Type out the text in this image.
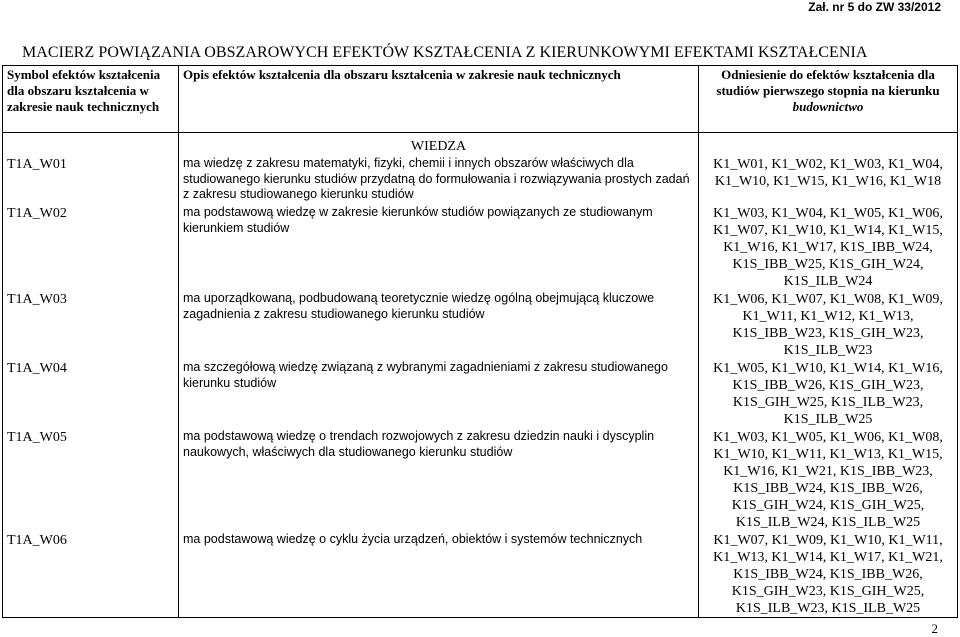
Zał. nr 5 do ZW 33/2012
MACIERZ POWIĄZANIA OBSZAROWYCH EFEKTÓW KSZTAŁCENIA Z KIERUNKOWYMI EFEKTAMI KSZTAŁCENIA
Symbol efektów kształcenia dla obszaru kształcenia w zakresie nauk technicznych	Opis efektów kształcenia dla obszaru kształcenia w zakresie nauk technicznych	Odniesienie do efektów kształcenia dla studiów pierwszego stopnia na kierunku budownictwo
	WIEDZA	
T1A_W01	ma wiedzę z zakresu matematyki, fizyki, chemii i innych obszarów właściwych dla studiowanego kierunku studiów przydatną do formułowania i rozwiązywania prostych zadań z zakresu studiowanego kierunku studiów	K1_W01, K1_W02, K1_W03, K1_W04, K1_W10, K1_W15, K1_W16, K1_W18
T1A_W02	ma podstawową wiedzę w zakresie kierunków studiów powiązanych ze studiowanym kierunkiem studiów	K1_W03, K1_W04, K1_W05, K1_W06, K1_W07, K1_W10, K1_W14, K1_W15, K1_W16, K1_W17, K1S_IBB_W24, K1S_IBB_W25, K1S_GIH_W24, K1S_ILB_W24
T1A_W03	ma uporządkowaną, podbudowaną teoretycznie wiedzę ogólną obejmującą kluczowe zagadnienia z zakresu studiowanego kierunku studiów	K1_W06, K1_W07, K1_W08, K1_W09, K1_W11, K1_W12, K1_W13, K1S_IBB_W23, K1S_GIH_W23, K1S_ILB_W23
T1A_W04	ma szczegółową wiedzę związaną z wybranymi zagadnieniami z zakresu studiowanego kierunku studiów	K1_W05, K1_W10, K1_W14, K1_W16, K1S_IBB_W26, K1S_GIH_W23, K1S_GIH_W25, K1S_ILB_W23, K1S_ILB_W25
T1A_W05	ma podstawową wiedzę o trendach rozwojowych z zakresu dziedzin nauki i dyscyplin naukowych, właściwych dla studiowanego kierunku studiów	K1_W03, K1_W05, K1_W06, K1_W08, K1_W10, K1_W11, K1_W13, K1_W15, K1_W16, K1_W21, K1S_IBB_W23, K1S_IBB_W24, K1S_IBB_W26, K1S_GIH_W24, K1S_GIH_W25, K1S_ILB_W24, K1S_ILB_W25
T1A_W06	ma podstawową wiedzę o cyklu życia urządzeń, obiektów i systemów technicznych	K1_W07, K1_W09, K1_W10, K1_W11, K1_W13, K1_W14, K1_W17, K1_W21, K1S_IBB_W24, K1S_IBB_W26, K1S_GIH_W23, K1S_GIH_W25, K1S_ILB_W23, K1S_ILB_W25
2
